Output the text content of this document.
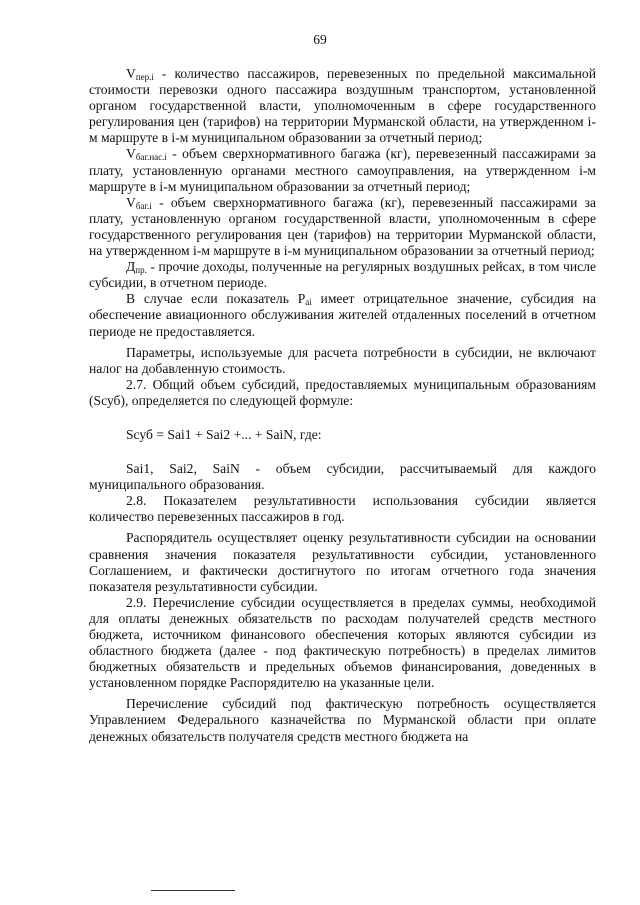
69

$V_{пер.i}$ - количество пассажиров, перевезенных по предельной максимальной стоимости перевозки одного пассажира воздушным транспортом, установленной органом государственной власти, уполномоченным в сфере государственного регулирования цен (тарифов) на территории Мурманской области, на утвержденном i-м маршруте в i-м муниципальном образовании за отчетный период;

$V_{баг.нас.i}$ - объем сверхнормативного багажа (кг), перевезенный пассажирами за плату, установленную органами местного самоуправления, на утвержденном i-м маршруте в i-м муниципальном образовании за отчетный период;

$V_{баг.i}$ - объем сверхнормативного багажа (кг), перевезенный пассажирами за плату, установленную органом государственной власти, уполномоченным в сфере государственного регулирования цен (тарифов) на территории Мурманской области, на утвержденном i-м маршруте в i-м муниципальном образовании за отчетный период;

$Д_{пр.}$ - прочие доходы, полученные на регулярных воздушных рейсах, в том числе субсидии, в отчетном периоде.

В случае если показатель $Р_{ai}$ имеет отрицательное значение, субсидия на обеспечение авиационного обслуживания жителей отдаленных поселений в отчетном периоде не предоставляется.

Параметры, используемые для расчета потребности в субсидии, не включают налог на добавленную стоимость.

2.7. Общий объем субсидий, предоставляемых муниципальным образованиям (Sсуб), определяется по следующей формуле:

Sсуб = Sai1 + Sai2 +... + SaiN, где:

Sai1, Sai2, SaiN - объем субсидии, рассчитываемый для каждого муниципального образования.

2.8. Показателем результативности использования субсидии является количество перевезенных пассажиров в год.

Распорядитель осуществляет оценку результативности субсидии на основании сравнения значения показателя результативности субсидии, установленного Соглашением, и фактически достигнутого по итогам отчетного года значения показателя результативности субсидии.

2.9. Перечисление субсидии осуществляется в пределах суммы, необходимой для оплаты денежных обязательств по расходам получателей средств местного бюджета, источником финансового обеспечения которых являются субсидии из областного бюджета (далее - под фактическую потребность) в пределах лимитов бюджетных обязательств и предельных объемов финансирования, доведенных в установленном порядке Распорядителю на указанные цели.

Перечисление субсидий под фактическую потребность осуществляется Управлением Федерального казначейства по Мурманской области при оплате денежных обязательств получателя средств местного бюджета на
